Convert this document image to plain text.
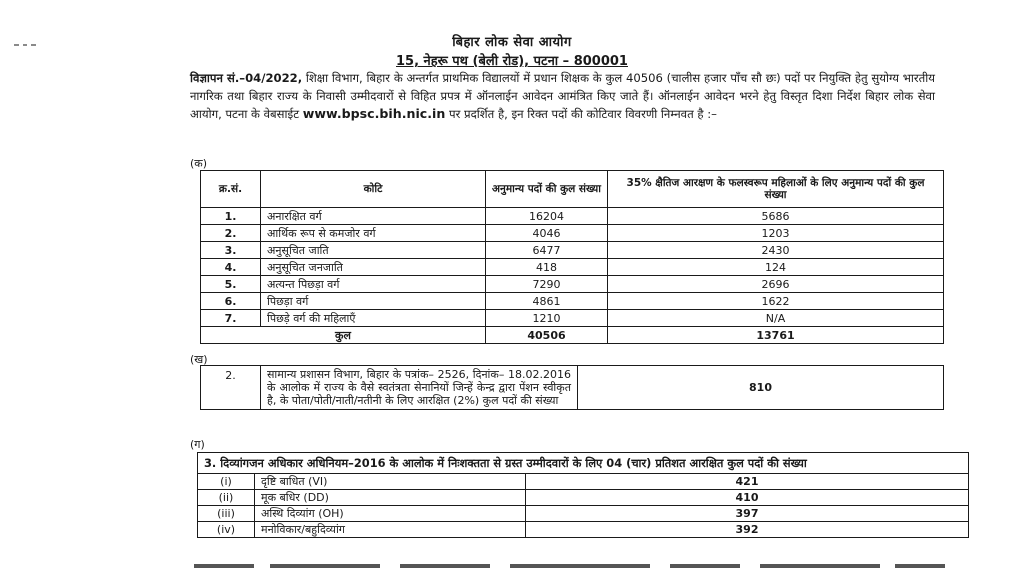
बिहार लोक सेवा आयोग
15, नेहरू पथ (बेली रोड), पटना – 800001
विज्ञापन सं.–04/2022, शिक्षा विभाग, बिहार के अन्तर्गत प्राथमिक विद्यालयों में प्रधान शिक्षक के कुल 40506 (चालीस हजार पाँच सौ छः) पदों पर नियुक्ति हेतु सुयोग्य भारतीय नागरिक तथा बिहार राज्य के निवासी उम्मीदवारों से विहित प्रपत्र में ऑनलाईन आवेदन आमंत्रित किए जाते हैं। ऑनलाईन आवेदन भरने हेतु विस्तृत दिशा निर्देश बिहार लोक सेवा आयोग, पटना के वेबसाईट www.bpsc.bih.nic.in पर प्रदर्शित है, इन रिक्त पदों की कोटिवार विवरणी निम्नवत है :–
(क)
क्र.सं.	कोटि	अनुमान्य पदों की कुल संख्या	35% क्षैतिज आरक्षण के फलस्वरूप महिलाओं के लिए अनुमान्य पदों की कुल संख्या
1.	अनारक्षित वर्ग	16204	5686
2.	आर्थिक रूप से कमजोर वर्ग	4046	1203
3.	अनुसूचित जाति	6477	2430
4.	अनुसूचित जनजाति	418	124
5.	अत्यन्त पिछड़ा वर्ग	7290	2696
6.	पिछड़ा वर्ग	4861	1622
7.	पिछड़े वर्ग की महिलाएँ	1210	N/A
कुल		40506	13761
(ख)
2.	सामान्य प्रशासन विभाग, बिहार के पत्रांक– 2526, दिनांक– 18.02.2016 के आलोक में राज्य के वैसे स्वतंत्रता सेनानियों जिन्हें केन्द्र द्वारा पेंशन स्वीकृत है, के पोता/पोती/नाती/नतीनी के लिए आरक्षित (2%) कुल पदों की संख्या	810
(ग)
3. दिव्यांगजन अधिकार अधिनियम–2016 के आलोक में निःशक्तता से ग्रस्त उम्मीदवारों के लिए 04 (चार) प्रतिशत आरक्षित कुल पदों की संख्या		
(i)	दृष्टि बाधित (VI)	421
(ii)	मूक बधिर (DD)	410
(iii)	अस्थि दिव्यांग (OH)	397
(iv)	मनोविकार/बहुदिव्यांग	392
